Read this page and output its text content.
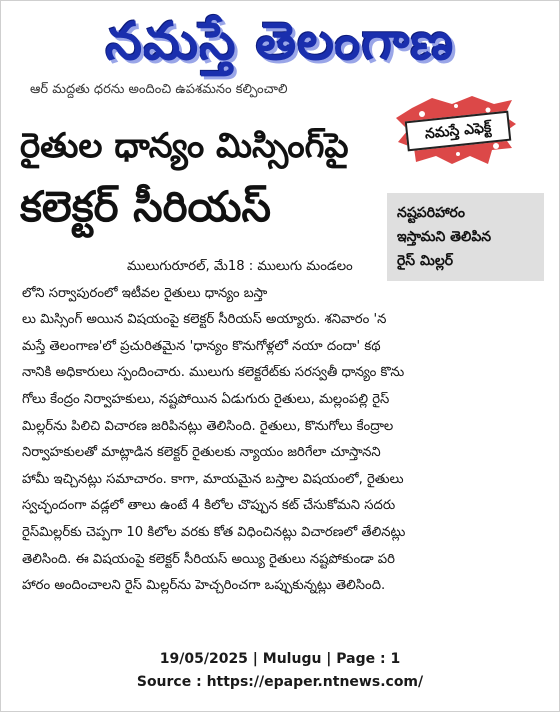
నమస్తే తెలంగాణ
ఆర్ మద్దతు ధరను అందించి ఉపశమనం కల్పించాలి
నమస్తే ఎఫెక్ట్
రైతుల ధాన్యం మిస్సింగ్‌పై
కలెక్టర్ సీరియస్	నష్టపరిహారం
ఇస్తామని తెలిపిన
రైస్ మిల్లర్
ములుగురూరల్, మే18 : ములుగు మండలం
లోని సర్వాపురంలో ఇటీవల రైతులు ధాన్యం బస్తా
లు మిస్సింగ్ అయిన విషయంపై కలెక్టర్ సీరియస్ అయ్యారు. శనివారం 'న
మస్తే తెలంగాణ'లో ప్రచురితమైన 'ధాన్యం కొనుగోళ్లలో నయా దందా' కథ
నానికి అధికారులు స్పందించారు. ములుగు కలెక్టరేట్‌కు సరస్వతీ ధాన్యం కొను
గోలు కేంద్రం నిర్వాహకులు, నష్టపోయిన ఏడుగురు రైతులు, మల్లంపల్లి రైస్
మిల్లర్‌ను పిలిచి విచారణ జరిపినట్లు తెలిసింది. రైతులు, కొనుగోలు కేంద్రాల
నిర్వాహకులతో మాట్లాడిన కలెక్టర్ రైతులకు న్యాయం జరిగేలా చూస్తానని
హామీ ఇచ్చినట్లు సమాచారం. కాగా, మాయమైన బస్తాల విషయంలో, రైతులు
స్వచ్ఛందంగా వడ్లలో తాలు ఉంటే 4 కిలోల చొప్పున కట్ చేసుకోమని సదరు
రైస్‌మిల్లర్‌కు చెప్పగా 10 కిలోల వరకు కోత విధించినట్లు విచారణలో తేలినట్లు
తెలిసింది. ఈ విషయంపై కలెక్టర్ సీరియస్ అయ్యి రైతులు నష్టపోకుండా పరి
హారం అందించాలని రైస్ మిల్లర్‌ను హెచ్చరించగా ఒప్పుకున్నట్లు తెలిసింది.
19/05/2025 | Mulugu | Page : 1
Source : https://epaper.ntnews.com/
